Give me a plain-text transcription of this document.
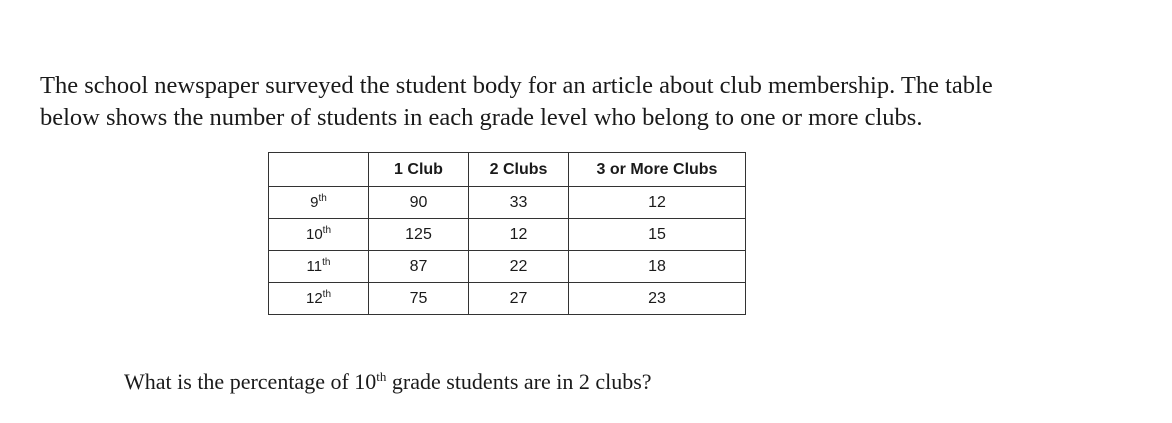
The school newspaper surveyed the student body for an article about club membership. The table
below shows the number of students in each grade level who belong to one or more clubs.

	1 Club	2 Clubs	3 or More Clubs
9th	90	33	12
10th	125	12	15
11th	87	22	18
12th	75	27	23

What is the percentage of 10th grade students are in 2 clubs?
